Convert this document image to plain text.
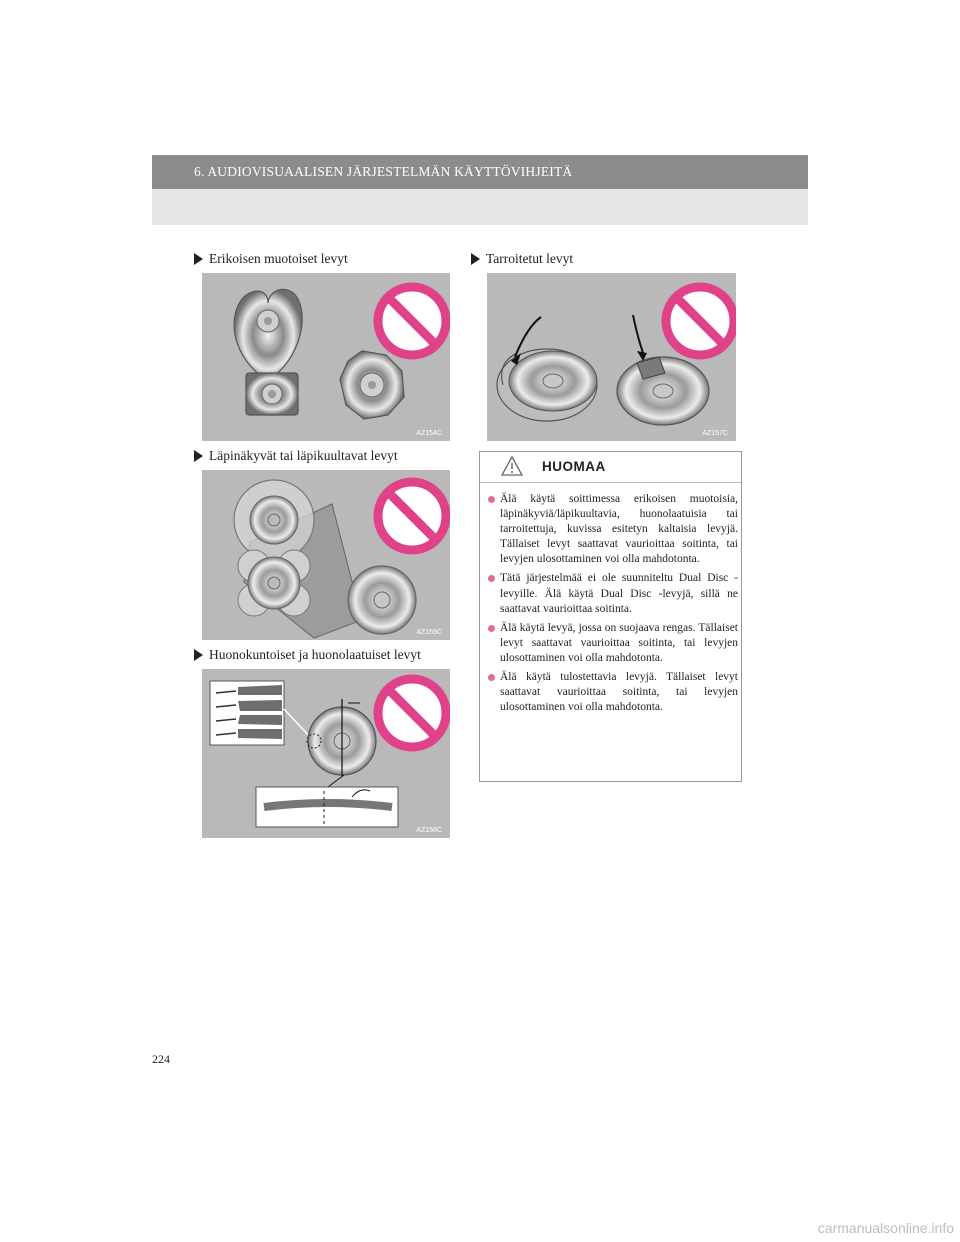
6. AUDIOVISUAALISEN JÄRJESTELMÄN KÄYTTÖVIHJEITÄ
Erikoisen muotoiset levyt
AZ154C
Läpinäkyvät tai läpikuultavat levyt
AZ155C
Huonokuntoiset ja huonolaatuiset levyt
AZ156C
Tarroitetut levyt
AZ157C
HUOMAA
Älä käytä soittimessa erikoisen muotoisia, läpinäkyviä/läpikuultavia, huonolaatuisia tai tarroitettuja, kuvissa esitetyn kaltaisia levyjä. Tällaiset levyt saattavat vaurioittaa soitinta, tai levyjen ulosottaminen voi olla mahdotonta.
Tätä järjestelmää ei ole suunniteltu Dual Disc -levyille. Älä käytä Dual Disc -levyjä, sillä ne saattavat vaurioittaa soitinta.
Älä käytä levyä, jossa on suojaava rengas. Tällaiset levyt saattavat vaurioittaa soitinta, tai levyjen ulosottaminen voi olla mahdotonta.
Älä käytä tulostettavia levyjä. Tällaiset levyt saattavat vaurioittaa soitinta, tai levyjen ulosottaminen voi olla mahdotonta.
224
carmanualsonline.info
